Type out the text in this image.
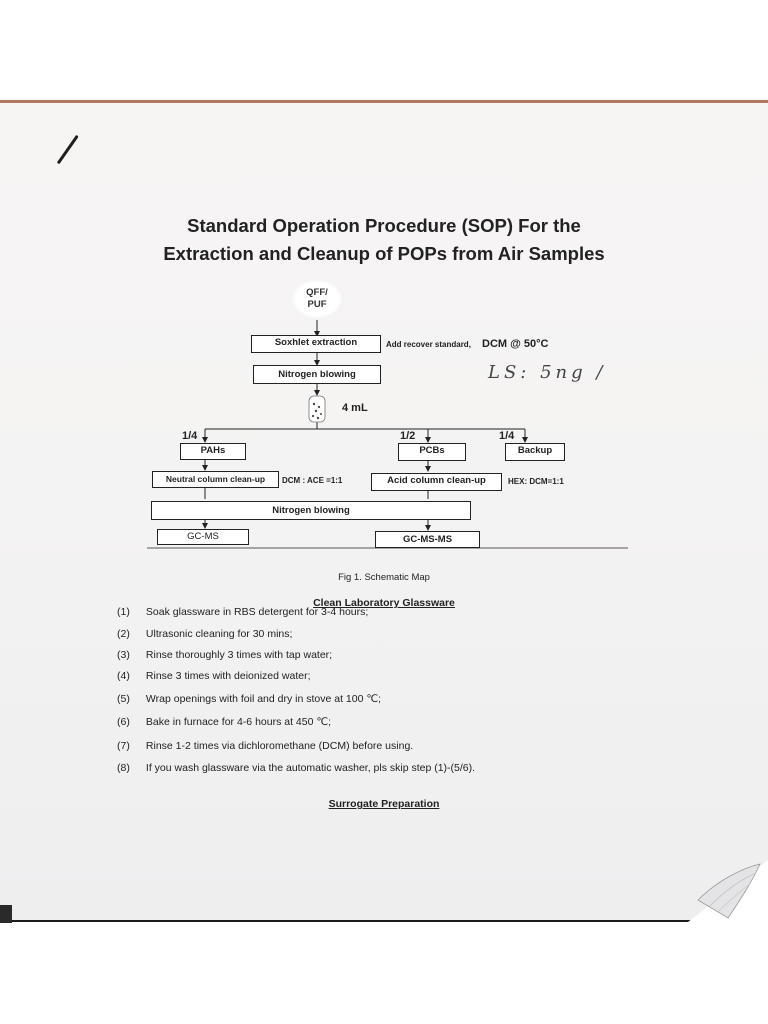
Standard Operation Procedure (SOP) For the
Extraction and Cleanup of POPs from Air Samples
QFF/
PUF
Soxhlet extraction	Add recover standard, DCM @ 50°C
LS: 5ng /
Nitrogen blowing
4 mL
1/4	1/2	1/4
PAHs	PCBs	Backup
Neutral column clean-up	DCM : ACE =1:1	Acid column clean-up	HEX: DCM=1:1
Nitrogen blowing
GC-MS	GC-MS-MS
Fig 1. Schematic Map
Clean Laboratory Glassware
(1) Soak glassware in RBS detergent for 3-4 hours;
(2) Ultrasonic cleaning for 30 mins;
(3) Rinse thoroughly 3 times with tap water;
(4) Rinse 3 times with deionized water;
(5) Wrap openings with foil and dry in stove at 100 ℃;
(6) Bake in furnace for 4-6 hours at 450 ℃;
(7) Rinse 1-2 times via dichloromethane (DCM) before using.
(8) If you wash glassware via the automatic washer, pls skip step (1)-(5/6).
Surrogate Preparation
